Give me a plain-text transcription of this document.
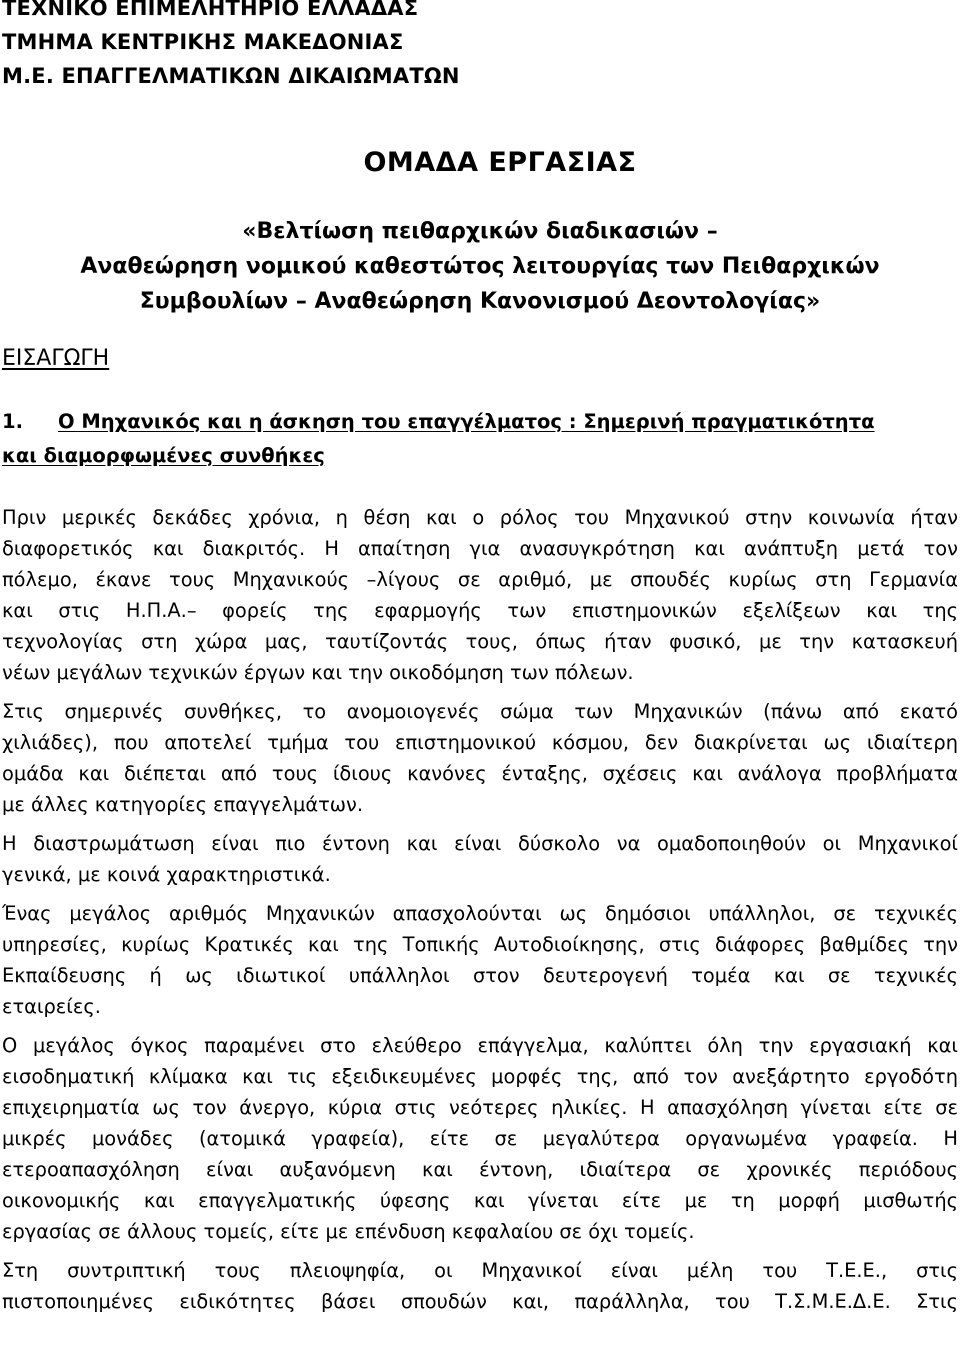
ΤΕΧΝΙΚΟ ΕΠΙΜΕΛΗΤΗΡΙΟ ΕΛΛΑΔΑΣ
ΤΜΗΜΑ ΚΕΝΤΡΙΚΗΣ ΜΑΚΕΔΟΝΙΑΣ
Μ.Ε. ΕΠΑΓΓΕΛΜΑΤΙΚΩΝ ΔΙΚΑΙΩΜΑΤΩΝ
ΟΜΑΔΑ ΕΡΓΑΣΙΑΣ
«Βελτίωση πειθαρχικών διαδικασιών –
Αναθεώρηση νομικού καθεστώτος λειτουργίας των Πειθαρχικών
Συμβουλίων – Αναθεώρηση Κανονισμού Δεοντολογίας»
ΕΙΣΑΓΩΓΗ
1. Ο Μηχανικός και η άσκηση του επαγγέλματος : Σημερινή πραγματικότητα
και διαμορφωμένες συνθήκες
Πριν μερικές δεκάδες χρόνια, η θέση και ο ρόλος του Μηχανικού στην κοινωνία ήταν
διαφορετικός και διακριτός. Η απαίτηση για ανασυγκρότηση και ανάπτυξη μετά τον
πόλεμο, έκανε τους Μηχανικούς –λίγους σε αριθμό, με σπουδές κυρίως στη Γερμανία
και στις Η.Π.Α.– φορείς της εφαρμογής των επιστημονικών εξελίξεων και της
τεχνολογίας στη χώρα μας, ταυτίζοντάς τους, όπως ήταν φυσικό, με την κατασκευή
νέων μεγάλων τεχνικών έργων και την οικοδόμηση των πόλεων.
Στις σημερινές συνθήκες, το ανομοιογενές σώμα των Μηχανικών (πάνω από εκατό
χιλιάδες), που αποτελεί τμήμα του επιστημονικού κόσμου, δεν διακρίνεται ως ιδιαίτερη
ομάδα και διέπεται από τους ίδιους κανόνες ένταξης, σχέσεις και ανάλογα προβλήματα
με άλλες κατηγορίες επαγγελμάτων.
Η διαστρωμάτωση είναι πιο έντονη και είναι δύσκολο να ομαδοποιηθούν οι Μηχανικοί
γενικά, με κοινά χαρακτηριστικά.
Ένας μεγάλος αριθμός Μηχανικών απασχολούνται ως δημόσιοι υπάλληλοι, σε τεχνικές
υπηρεσίες, κυρίως Κρατικές και της Τοπικής Αυτοδιοίκησης, στις διάφορες βαθμίδες την
Εκπαίδευσης ή ως ιδιωτικοί υπάλληλοι στον δευτερογενή τομέα και σε τεχνικές
εταιρείες.
Ο μεγάλος όγκος παραμένει στο ελεύθερο επάγγελμα, καλύπτει όλη την εργασιακή και
εισοδηματική κλίμακα και τις εξειδικευμένες μορφές της, από τον ανεξάρτητο εργοδότη
επιχειρηματία ως τον άνεργο, κύρια στις νεότερες ηλικίες. Η απασχόληση γίνεται είτε σε
μικρές μονάδες (ατομικά γραφεία), είτε σε μεγαλύτερα οργανωμένα γραφεία. Η
ετεροαπασχόληση είναι αυξανόμενη και έντονη, ιδιαίτερα σε χρονικές περιόδους
οικονομικής και επαγγελματικής ύφεσης και γίνεται είτε με τη μορφή μισθωτής
εργασίας σε άλλους τομείς, είτε με επένδυση κεφαλαίου σε όχι τομείς.
Στη συντριπτική τους πλειοψηφία, οι Μηχανικοί είναι μέλη του Τ.Ε.Ε., στις
πιστοποιημένες ειδικότητες βάσει σπουδών και, παράλληλα, του Τ.Σ.Μ.Ε.Δ.Ε. Στις
